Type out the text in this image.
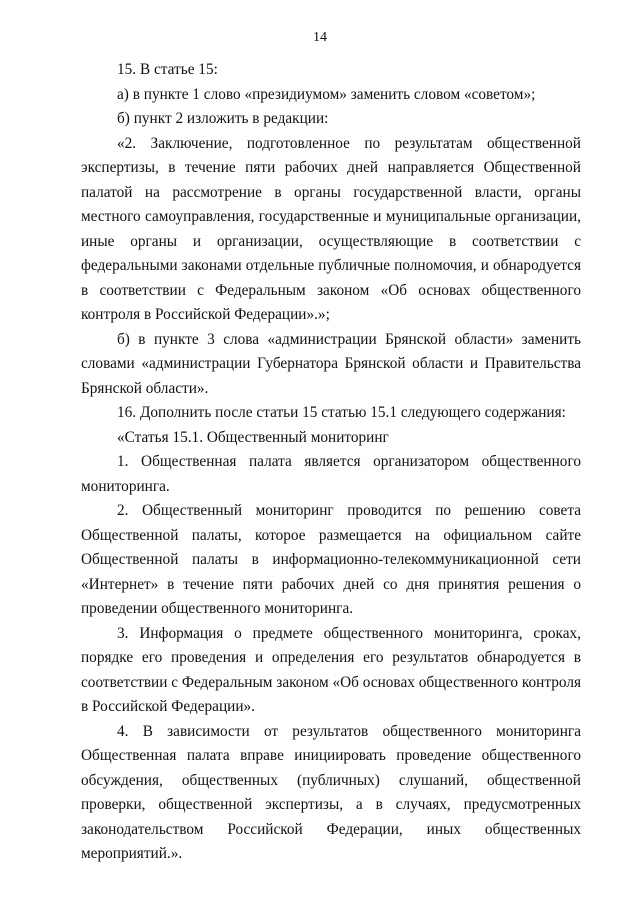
14

15. В статье 15:

а) в пункте 1 слово «президиумом» заменить словом «советом»;

б) пункт 2 изложить в редакции:

«2. Заключение, подготовленное по результатам общественной экспертизы, в течение пяти рабочих дней направляется Общественной палатой на рассмотрение в органы государственной власти, органы местного самоуправления, государственные и муниципальные организации, иные органы и организации, осуществляющие в соответствии с федеральными законами отдельные публичные полномочия, и обнародуется в соответствии с Федеральным законом «Об основах общественного контроля в Российской Федерации».»;

б) в пункте 3 слова «администрации Брянской области» заменить словами «администрации Губернатора Брянской области и Правительства Брянской области».

16. Дополнить после статьи 15 статью 15.1 следующего содержания:

«Статья 15.1. Общественный мониторинг

1. Общественная палата является организатором общественного мониторинга.

2. Общественный мониторинг проводится по решению совета Общественной палаты, которое размещается на официальном сайте Общественной палаты в информационно-телекоммуникационной сети «Интернет» в течение пяти рабочих дней со дня принятия решения о проведении общественного мониторинга.

3. Информация о предмете общественного мониторинга, сроках, порядке его проведения и определения его результатов обнародуется в соответствии с Федеральным законом «Об основах общественного контроля в Российской Федерации».

4. В зависимости от результатов общественного мониторинга Общественная палата вправе инициировать проведение общественного обсуждения, общественных (публичных) слушаний, общественной проверки, общественной экспертизы, а в случаях, предусмотренных законодательством Российской Федерации, иных общественных мероприятий.».
